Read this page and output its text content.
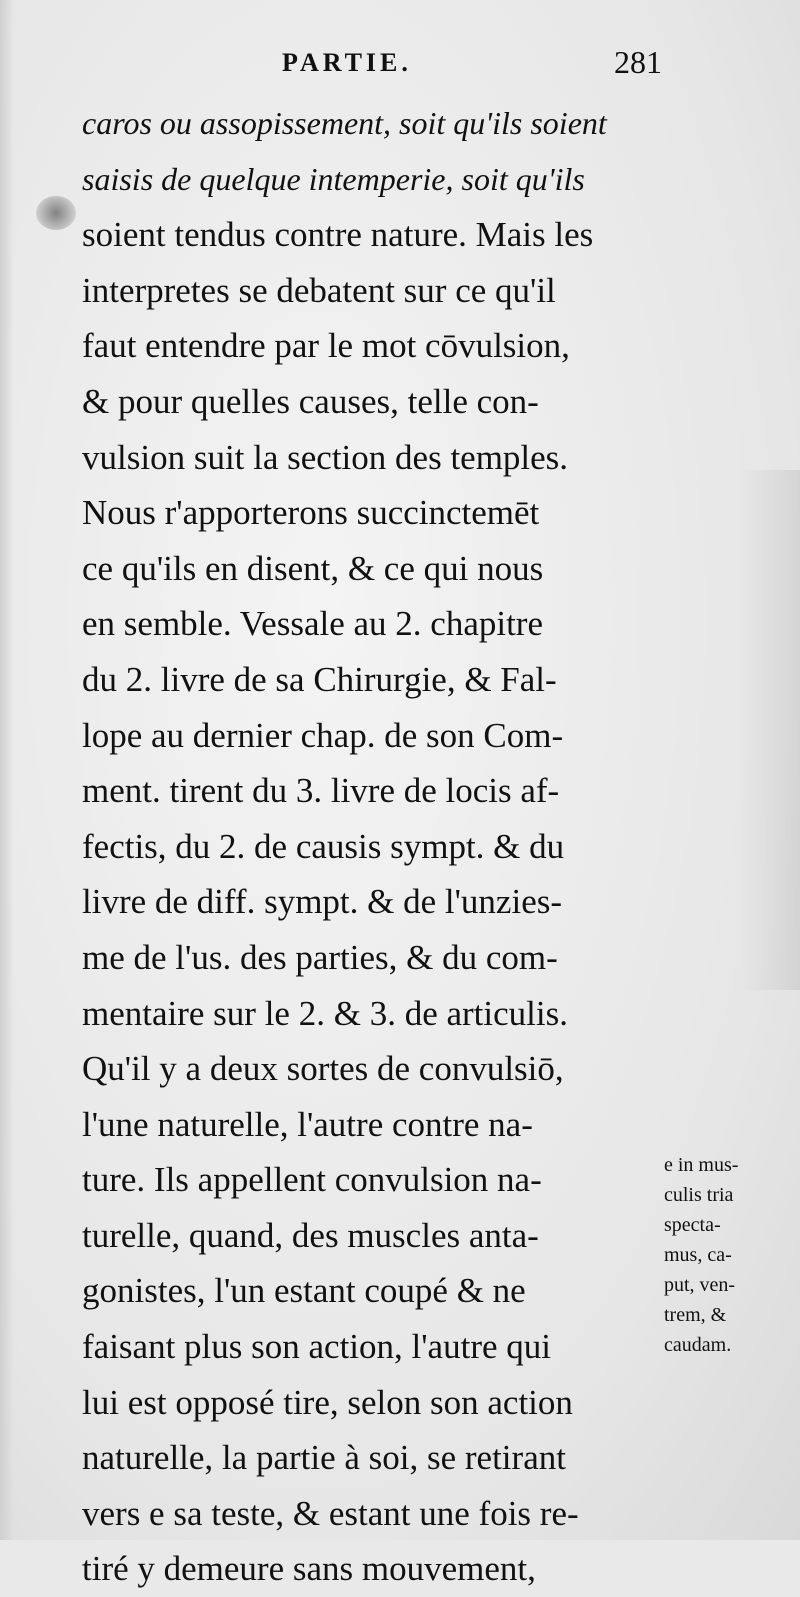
PARTIE.	281
caros ou assopissement, soit qu'ils soient
saisis de quelque intemperie, soit qu'ils
soient tendus contre nature. Mais les
interpretes se debatent sur ce qu'il
faut entendre par le mot cōvulsion,
& pour quelles causes, telle con-
vulsion suit la section des temples.
Nous r'apporterons succinctemēt
ce qu'ils en disent, & ce qui nous
en semble. Vessale au 2. chapitre
du 2. livre de sa Chirurgie, & Fal-
lope au dernier chap. de son Com-
ment. tirent du 3. livre de locis af-
fectis, du 2. de causis sympt. & du
livre de diff. sympt. & de l'unzies-
me de l'us. des parties, & du com-
mentaire sur le 2. & 3. de articulis.
Qu'il y a deux sortes de convulsiō,
l'une naturelle, l'autre contre na-
ture. Ils appellent convulsion na-
turelle, quand, des muscles anta-
gonistes, l'un estant coupé & ne
faisant plus son action, l'autre qui
lui est opposé tire, selon son action
naturelle, la partie à soi, se retirant
vers e sa teste, & estant une fois re-
tiré y demeure sans mouvement,
e in mus-
culis tria
specta-
mus, ca-
put, ven-
trem, &
caudam.
